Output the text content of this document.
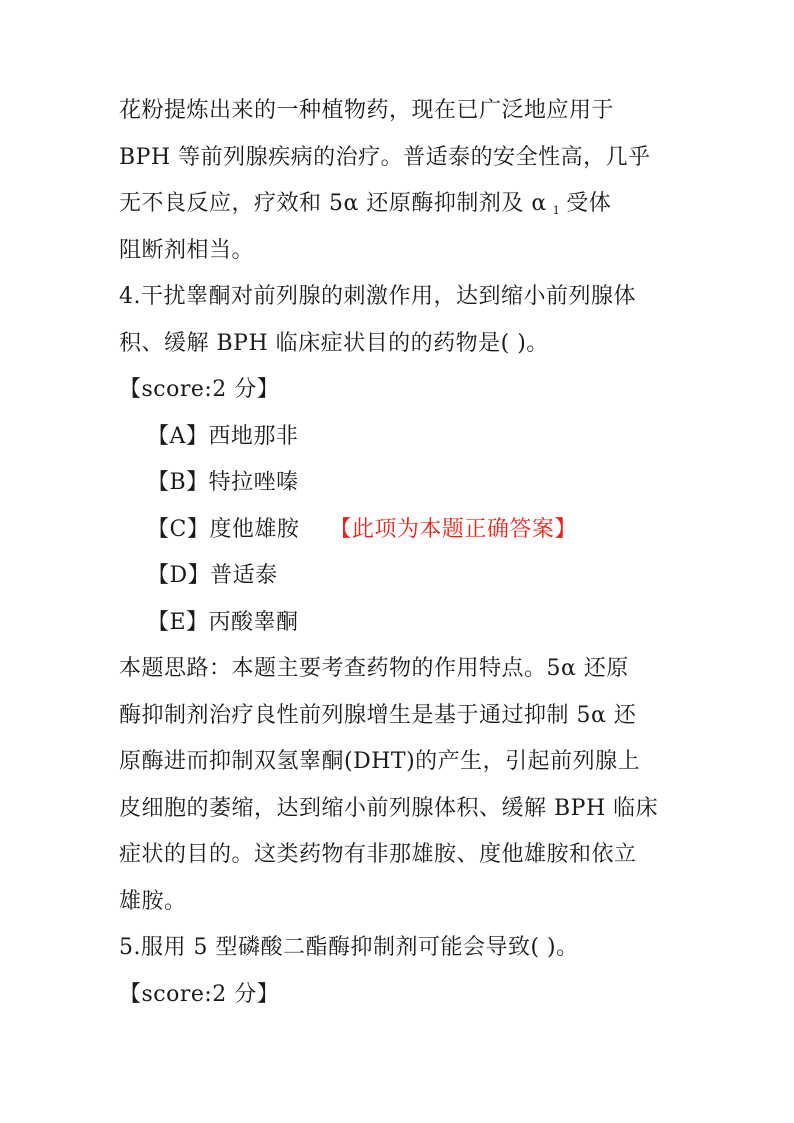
花粉提炼出来的一种植物药，现在已广泛地应用于
BPH 等前列腺疾病的治疗。普适泰的安全性高，几乎
无不良反应，疗效和 5α 还原酶抑制剂及 α $_1$ 受体
阻断剂相当。
4.干扰睾酮对前列腺的刺激作用，达到缩小前列腺体
积、缓解 BPH 临床症状目的的药物是( )。
【score:2 分】
【A】西地那非
【B】特拉唑嗪
【C】度他雄胺 【此项为本题正确答案】
【D】普适泰
【E】丙酸睾酮
本题思路：本题主要考查药物的作用特点。5α 还原
酶抑制剂治疗良性前列腺增生是基于通过抑制 5α 还
原酶进而抑制双氢睾酮(DHT)的产生，引起前列腺上
皮细胞的萎缩，达到缩小前列腺体积、缓解 BPH 临床
症状的目的。这类药物有非那雄胺、度他雄胺和依立
雄胺。
5.服用 5 型磷酸二酯酶抑制剂可能会导致( )。
【score:2 分】
